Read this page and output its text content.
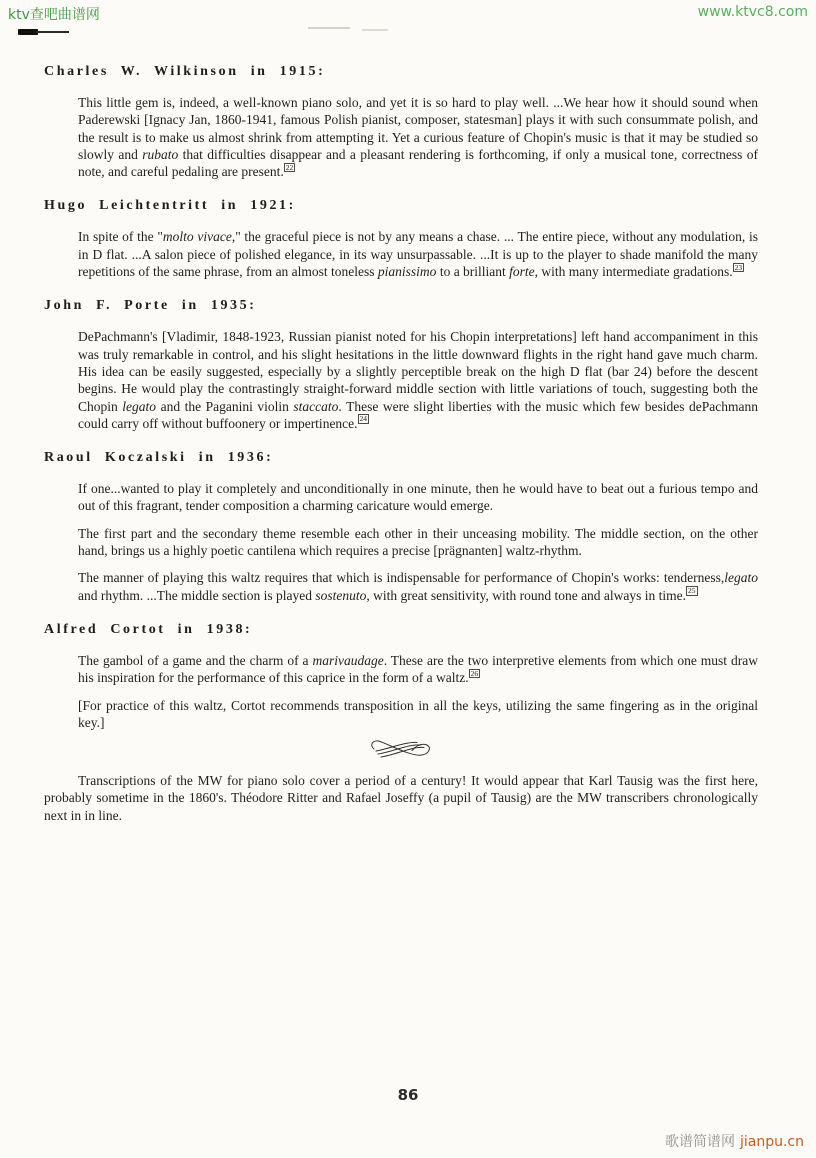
ktv查吧曲谱网	www.ktvc8.com
Charles W. Wilkinson in 1915:

This little gem is, indeed, a well-known piano solo, and yet it is so hard to play well. ...We hear how it should sound when Paderewski [Ignacy Jan, 1860-1941, famous Polish pianist, composer, statesman] plays it with such consummate polish, and the result is to make us almost shrink from attempting it. Yet a curious feature of Chopin's music is that it may be studied so slowly and rubato that difficulties disappear and a pleasant rendering is forthcoming, if only a musical tone, correctness of note, and careful pedaling are present. $^{22}$

Hugo Leichtentritt in 1921:

In spite of the "molto vivace," the graceful piece is not by any means a chase. ... The entire piece, without any modulation, is in D flat. ...A salon piece of polished elegance, in its way unsurpassable. ...It is up to the player to shade manifold the many repetitions of the same phrase, from an almost toneless pianissimo to a brilliant forte, with many intermediate gradations. $^{23}$

John F. Porte in 1935:

DePachmann's [Vladimir, 1848-1923, Russian pianist noted for his Chopin interpretations] left hand accompaniment in this was truly remarkable in control, and his slight hesitations in the little downward flights in the right hand gave much charm. His idea can be easily suggested, especially by a slightly perceptible break on the high D flat (bar 24) before the descent begins. He would play the contrastingly straight-forward middle section with little variations of touch, suggesting both the Chopin legato and the Paganini violin staccato. These were slight liberties with the music which few besides dePachmann could carry off without buffoonery or impertinence. $^{24}$

Raoul Koczalski in 1936:

If one...wanted to play it completely and unconditionally in one minute, then he would have to beat out a furious tempo and out of this fragrant, tender composition a charming caricature would emerge.

The first part and the secondary theme resemble each other in their unceasing mobility. The middle section, on the other hand, brings us a highly poetic cantilena which requires a precise [prägnanten] waltz-rhythm.

The manner of playing this waltz requires that which is indispensable for performance of Chopin's works: tenderness,legato and rhythm. ...The middle section is played sostenuto, with great sensitivity, with round tone and always in time. $^{25}$

Alfred Cortot in 1938:

The gambol of a game and the charm of a marivaudage. These are the two interpretive elements from which one must draw his inspiration for the performance of this caprice in the form of a waltz. $^{26}$

[For practice of this waltz, Cortot recommends transposition in all the keys, utilizing the same fingering as in the original key.]

Transcriptions of the MW for piano solo cover a period of a century! It would appear that Karl Tausig was the first here, probably sometime in the 1860's. Théodore Ritter and Rafael Joseffy (a pupil of Tausig) are the MW transcribers chronologically next in in line.

86
歌谱简谱网 jianpu.cn
